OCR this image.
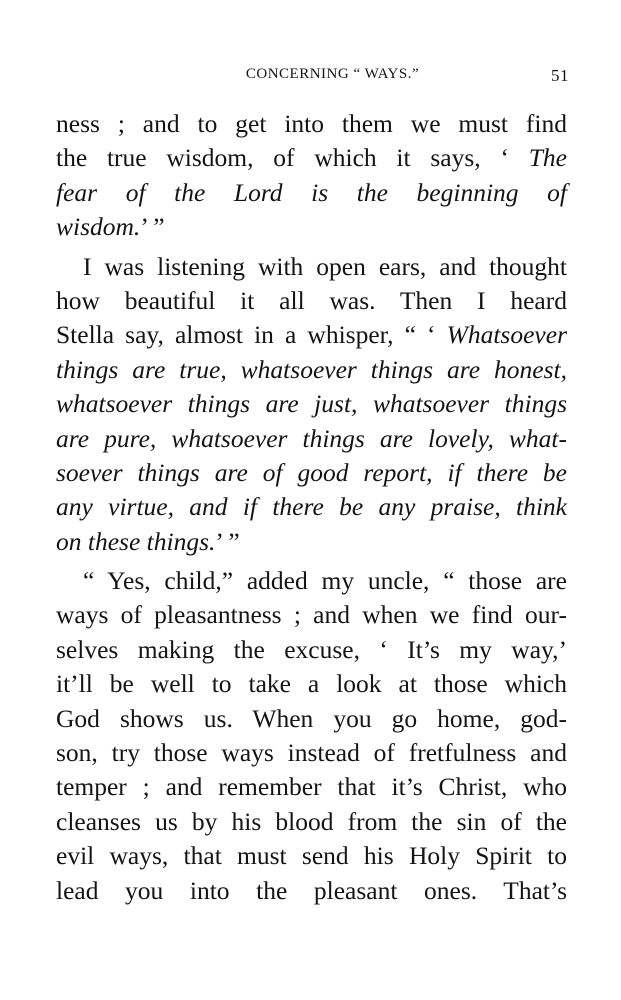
CONCERNING “ WAYS.”	51
ness ; and to get into them we must find
the true wisdom, of which it says, ‘ The
fear of the Lord is the beginning of
wisdom.’ ”
I was listening with open ears, and thought
how beautiful it all was. Then I heard
Stella say, almost in a whisper, “ ‘ Whatsoever
things are true, whatsoever things are honest,
whatsoever things are just, whatsoever things
are pure, whatsoever things are lovely, what-
soever things are of good report, if there be
any virtue, and if there be any praise, think
on these things.’ ”
“ Yes, child,” added my uncle, “ those are
ways of pleasantness ; and when we find our-
selves making the excuse, ‘ It’s my way,’
it’ll be well to take a look at those which
God shows us. When you go home, god-
son, try those ways instead of fretfulness and
temper ; and remember that it’s Christ, who
cleanses us by his blood from the sin of the
evil ways, that must send his Holy Spirit to
lead you into the pleasant ones. That’s
